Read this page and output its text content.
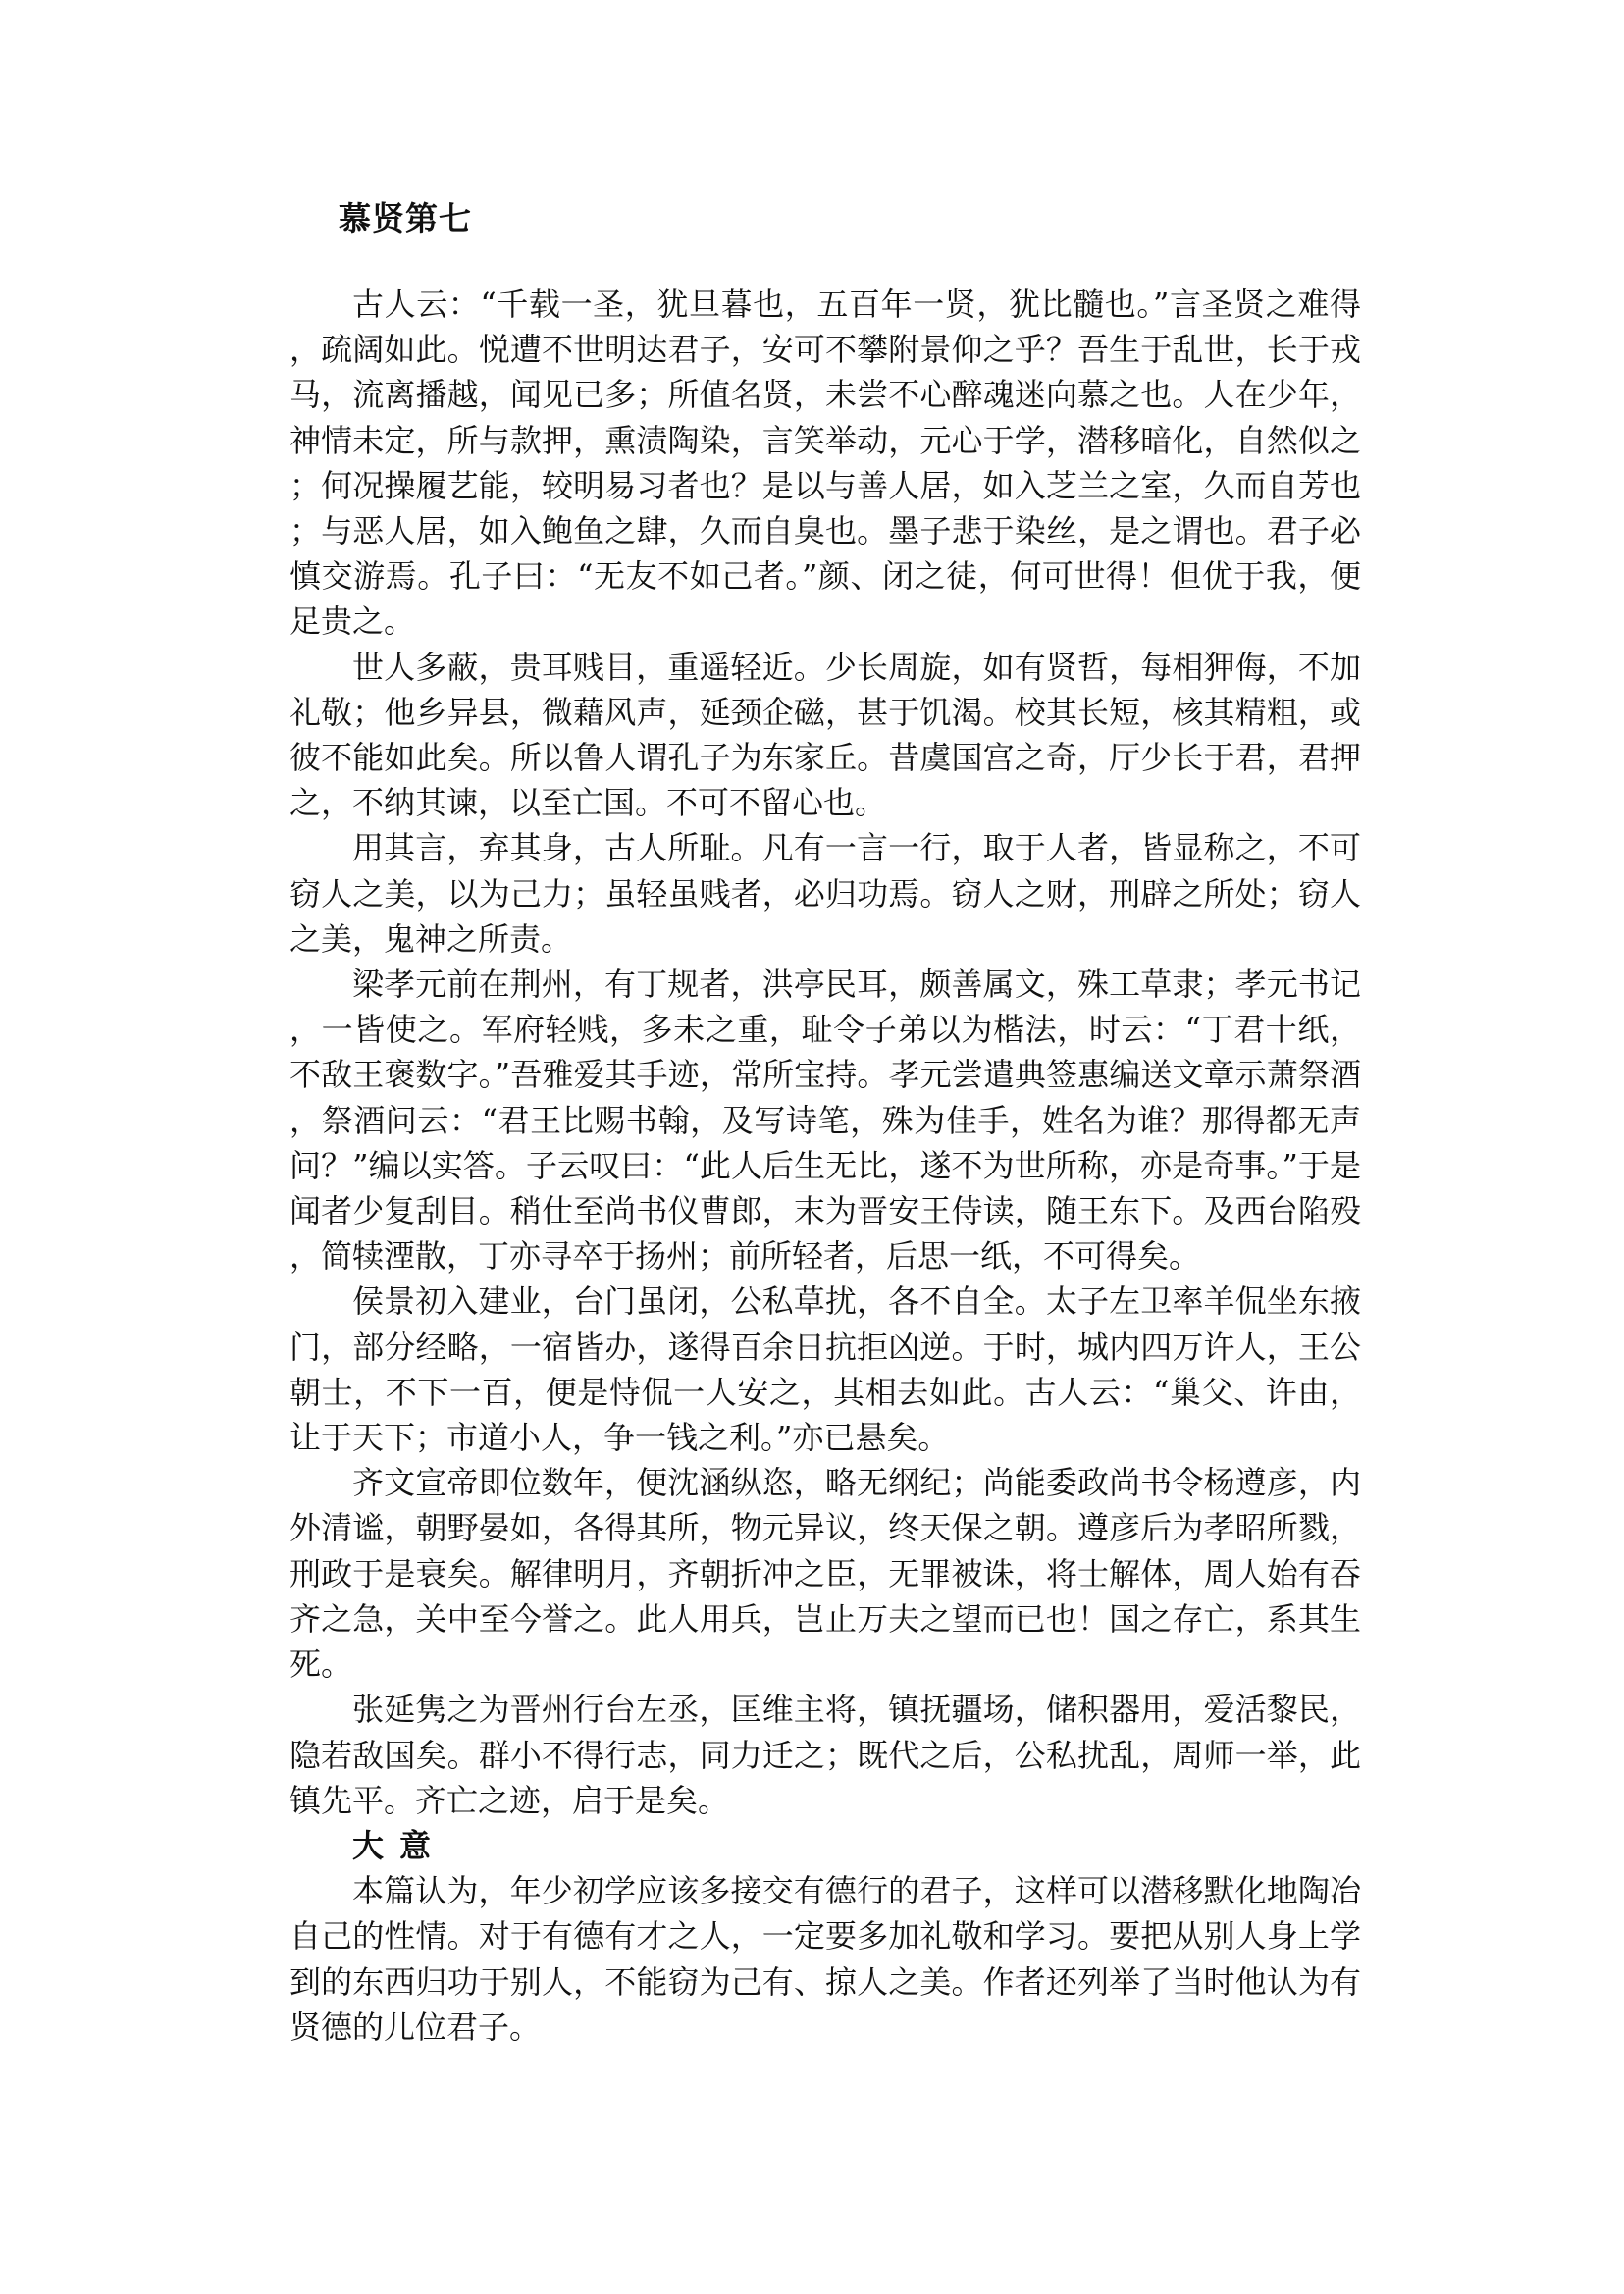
慕贤第七

古人云：“千载一圣，犹旦暮也，五百年一贤，犹比髓也。”言圣贤之难得，疏阔如此。悦遭不世明达君子，安可不攀附景仰之乎？吾生于乱世，长于戎马，流离播越，闻见已多；所值名贤，未尝不心醉魂迷向慕之也。人在少年，神情未定，所与款押，熏渍陶染，言笑举动，元心于学，潜移暗化，自然似之；何况操履艺能，较明易习者也？是以与善人居，如入芝兰之室，久而自芳也；与恶人居，如入鲍鱼之肆，久而自臭也。墨子悲于染丝，是之谓也。君子必慎交游焉。孔子曰：“无友不如己者。”颜、闭之徒，何可世得！但优于我，便足贵之。

世人多蔽，贵耳贱目，重遥轻近。少长周旋，如有贤哲，每相狎侮，不加礼敬；他乡异县，微藉风声，延颈企磁，甚于饥渴。校其长短，核其精粗，或彼不能如此矣。所以鲁人谓孔子为东家丘。昔虞国宫之奇，厅少长于君，君押之，不纳其谏，以至亡国。不可不留心也。

用其言，弃其身，古人所耻。凡有一言一行，取于人者，皆显称之，不可窃人之美，以为己力；虽轻虽贱者，必归功焉。窃人之财，刑辟之所处；窃人之美，鬼神之所责。

梁孝元前在荆州，有丁规者，洪亭民耳，颇善属文，殊工草隶；孝元书记，一皆使之。军府轻贱，多未之重，耻令子弟以为楷法，时云：“丁君十纸，不敌王褒数字。”吾雅爱其手迹，常所宝持。孝元尝遣典签惠编送文章示萧祭酒，祭酒问云：“君王比赐书翰，及写诗笔，殊为佳手，姓名为谁？那得都无声问？”编以实答。子云叹曰：“此人后生无比，遂不为世所称，亦是奇事。”于是闻者少复刮目。稍仕至尚书仪曹郎，末为晋安王侍读，随王东下。及西台陷殁，简犊湮散，丁亦寻卒于扬州；前所轻者，后思一纸，不可得矣。

侯景初入建业，台门虽闭，公私草扰，各不自全。太子左卫率羊侃坐东掖门，部分经略，一宿皆办，遂得百余日抗拒凶逆。于时，城内四万许人，王公朝士，不下一百，便是恃侃一人安之，其相去如此。古人云：“巢父、许由，让于天下；市道小人，争一钱之利。”亦已悬矣。

齐文宣帝即位数年，便沈涵纵恣，略无纲纪；尚能委政尚书令杨遵彦，内外清谧，朝野晏如，各得其所，物元异议，终天保之朝。遵彦后为孝昭所戮，刑政于是衰矣。解律明月，齐朝折冲之臣，无罪被诛，将士解体，周人始有吞齐之急，关中至今誉之。此人用兵，岂止万夫之望而已也！国之存亡，系其生死。

张延隽之为晋州行台左丞，匡维主将，镇抚疆场，储积器用，爱活黎民，隐若敌国矣。群小不得行志，同力迁之；既代之后，公私扰乱，周师一举，此镇先平。齐亡之迹，启于是矣。

大意

本篇认为，年少初学应该多接交有德行的君子，这样可以潜移默化地陶冶自己的性情。对于有德有才之人，一定要多加礼敬和学习。要把从别人身上学到的东西归功于别人，不能窃为己有、掠人之美。作者还列举了当时他认为有贤德的儿位君子。
